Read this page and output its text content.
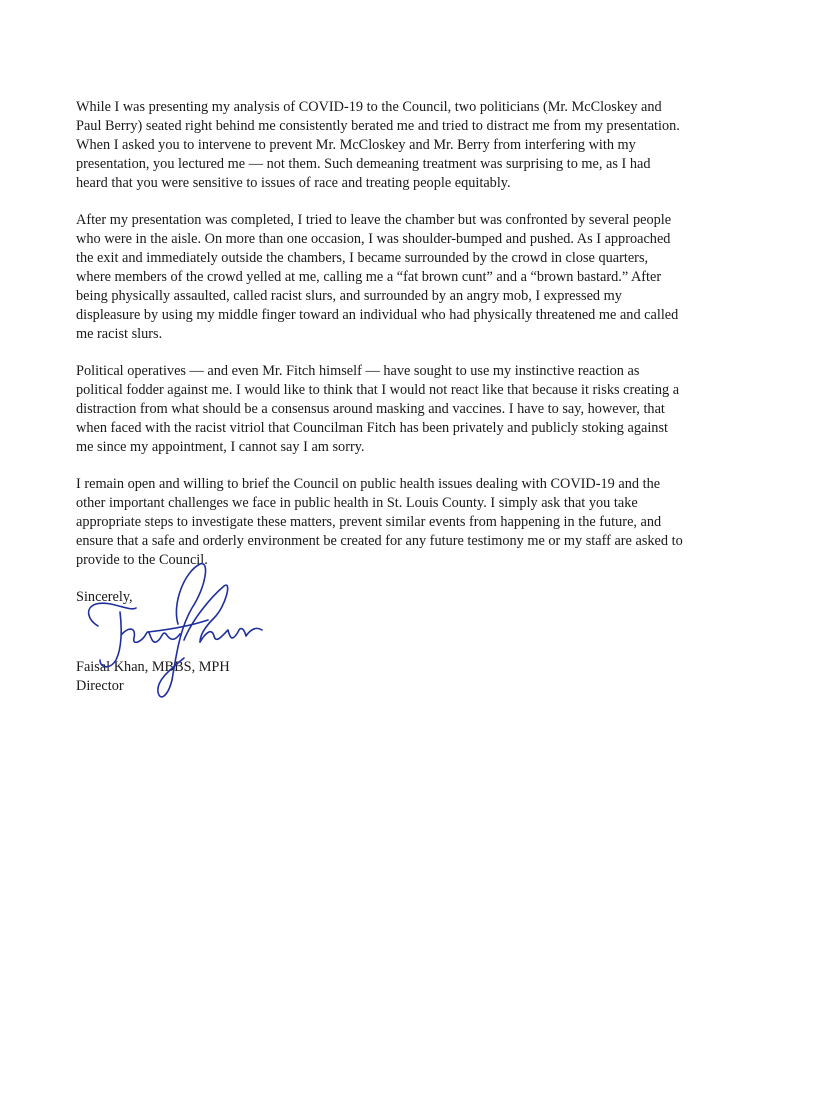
While I was presenting my analysis of COVID-19 to the Council, two politicians (Mr. McCloskey and
Paul Berry) seated right behind me consistently berated me and tried to distract me from my presentation.
When I asked you to intervene to prevent Mr. McCloskey and Mr. Berry from interfering with my
presentation, you lectured me — not them. Such demeaning treatment was surprising to me, as I had
heard that you were sensitive to issues of race and treating people equitably.

After my presentation was completed, I tried to leave the chamber but was confronted by several people
who were in the aisle. On more than one occasion, I was shoulder-bumped and pushed. As I approached
the exit and immediately outside the chambers, I became surrounded by the crowd in close quarters,
where members of the crowd yelled at me, calling me a “fat brown cunt” and a “brown bastard.” After
being physically assaulted, called racist slurs, and surrounded by an angry mob, I expressed my
displeasure by using my middle finger toward an individual who had physically threatened me and called
me racist slurs.

Political operatives — and even Mr. Fitch himself — have sought to use my instinctive reaction as
political fodder against me. I would like to think that I would not react like that because it risks creating a
distraction from what should be a consensus around masking and vaccines. I have to say, however, that
when faced with the racist vitriol that Councilman Fitch has been privately and publicly stoking against
me since my appointment, I cannot say I am sorry.

I remain open and willing to brief the Council on public health issues dealing with COVID-19 and the
other important challenges we face in public health in St. Louis County. I simply ask that you take
appropriate steps to investigate these matters, prevent similar events from happening in the future, and
ensure that a safe and orderly environment be created for any future testimony me or my staff are asked to
provide to the Council.

Sincerely,

Faisal Khan, MBBS, MPH
Director
